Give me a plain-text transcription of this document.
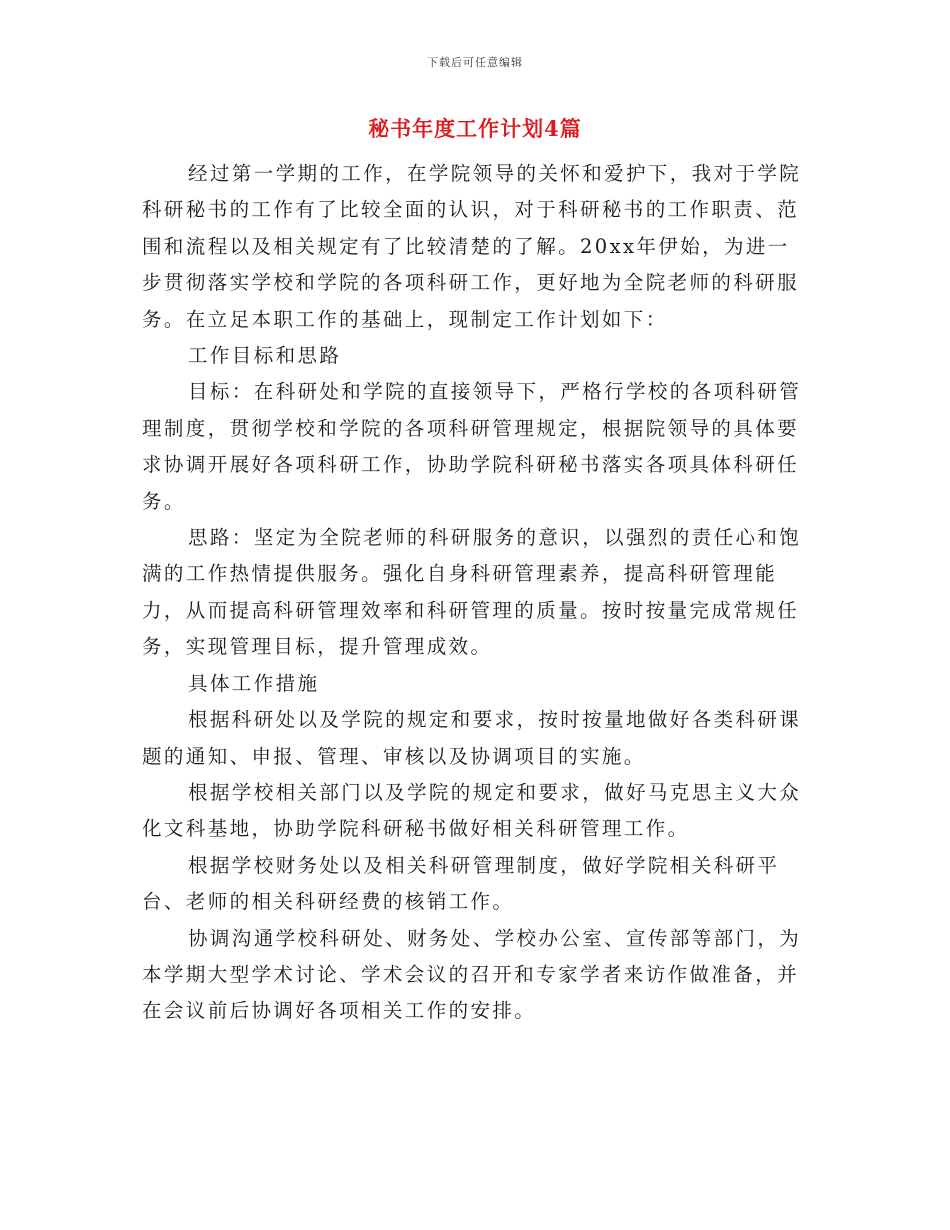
下载后可任意编辑
秘书年度工作计划4篇

经过第一学期的工作，在学院领导的关怀和爱护下，我对于学院科研秘书的工作有了比较全面的认识，对于科研秘书的工作职责、范围和流程以及相关规定有了比较清楚的了解。20xx年伊始，为进一步贯彻落实学校和学院的各项科研工作，更好地为全院老师的科研服务。在立足本职工作的基础上，现制定工作计划如下：

工作目标和思路

目标：在科研处和学院的直接领导下，严格行学校的各项科研管理制度，贯彻学校和学院的各项科研管理规定，根据院领导的具体要求协调开展好各项科研工作，协助学院科研秘书落实各项具体科研任务。

思路：坚定为全院老师的科研服务的意识，以强烈的责任心和饱满的工作热情提供服务。强化自身科研管理素养，提高科研管理能力，从而提高科研管理效率和科研管理的质量。按时按量完成常规任务，实现管理目标，提升管理成效。

具体工作措施

根据科研处以及学院的规定和要求，按时按量地做好各类科研课题的通知、申报、管理、审核以及协调项目的实施。

根据学校相关部门以及学院的规定和要求，做好马克思主义大众化文科基地，协助学院科研秘书做好相关科研管理工作。

根据学校财务处以及相关科研管理制度，做好学院相关科研平台、老师的相关科研经费的核销工作。

协调沟通学校科研处、财务处、学校办公室、宣传部等部门，为本学期大型学术讨论、学术会议的召开和专家学者来访作做准备，并在会议前后协调好各项相关工作的安排。
